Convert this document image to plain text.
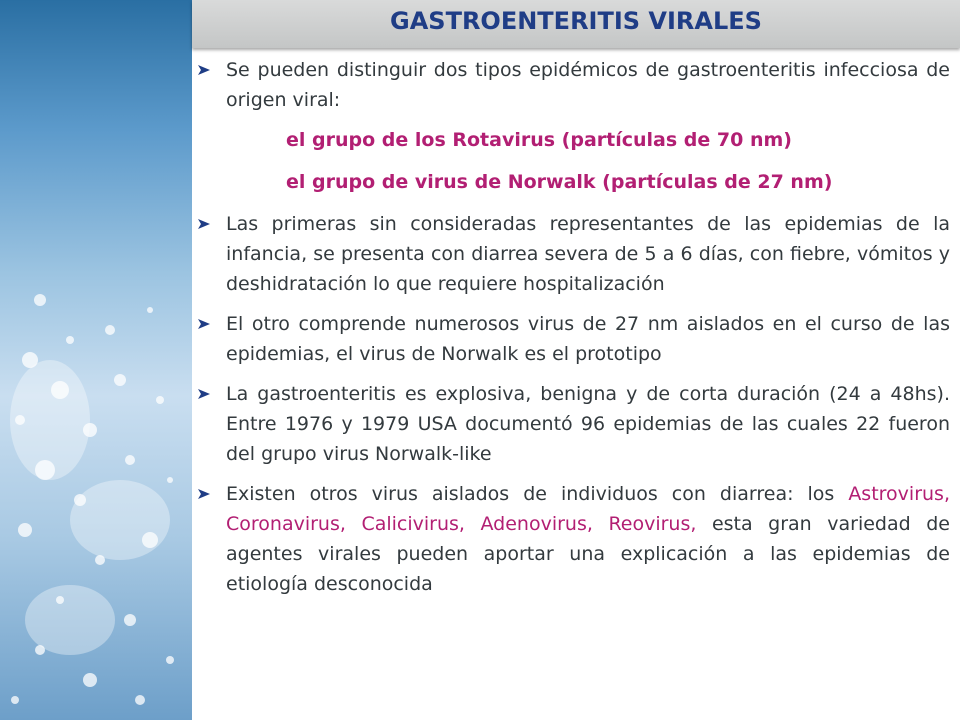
GASTROENTERITIS VIRALES
Se pueden distinguir dos tipos epidémicos de gastroenteritis infecciosa de origen viral:
el grupo de los Rotavirus (partículas de 70 nm)
el grupo de virus de Norwalk (partículas de 27 nm)
Las primeras sin consideradas representantes de las epidemias de la infancia, se presenta con diarrea severa de 5 a 6 días, con fiebre, vómitos y deshidratación lo que requiere hospitalización
El otro comprende numerosos virus de 27 nm aislados en el curso de las epidemias, el virus de Norwalk es el prototipo
La gastroenteritis es explosiva, benigna y de corta duración (24 a 48hs). Entre 1976 y 1979 USA documentó 96 epidemias de las cuales 22 fueron del grupo virus Norwalk-like
Existen otros virus aislados de individuos con diarrea: los Astrovirus, Coronavirus, Calicivirus, Adenovirus, Reovirus, esta gran variedad de agentes virales pueden aportar una explicación a las epidemias de etiología desconocida
